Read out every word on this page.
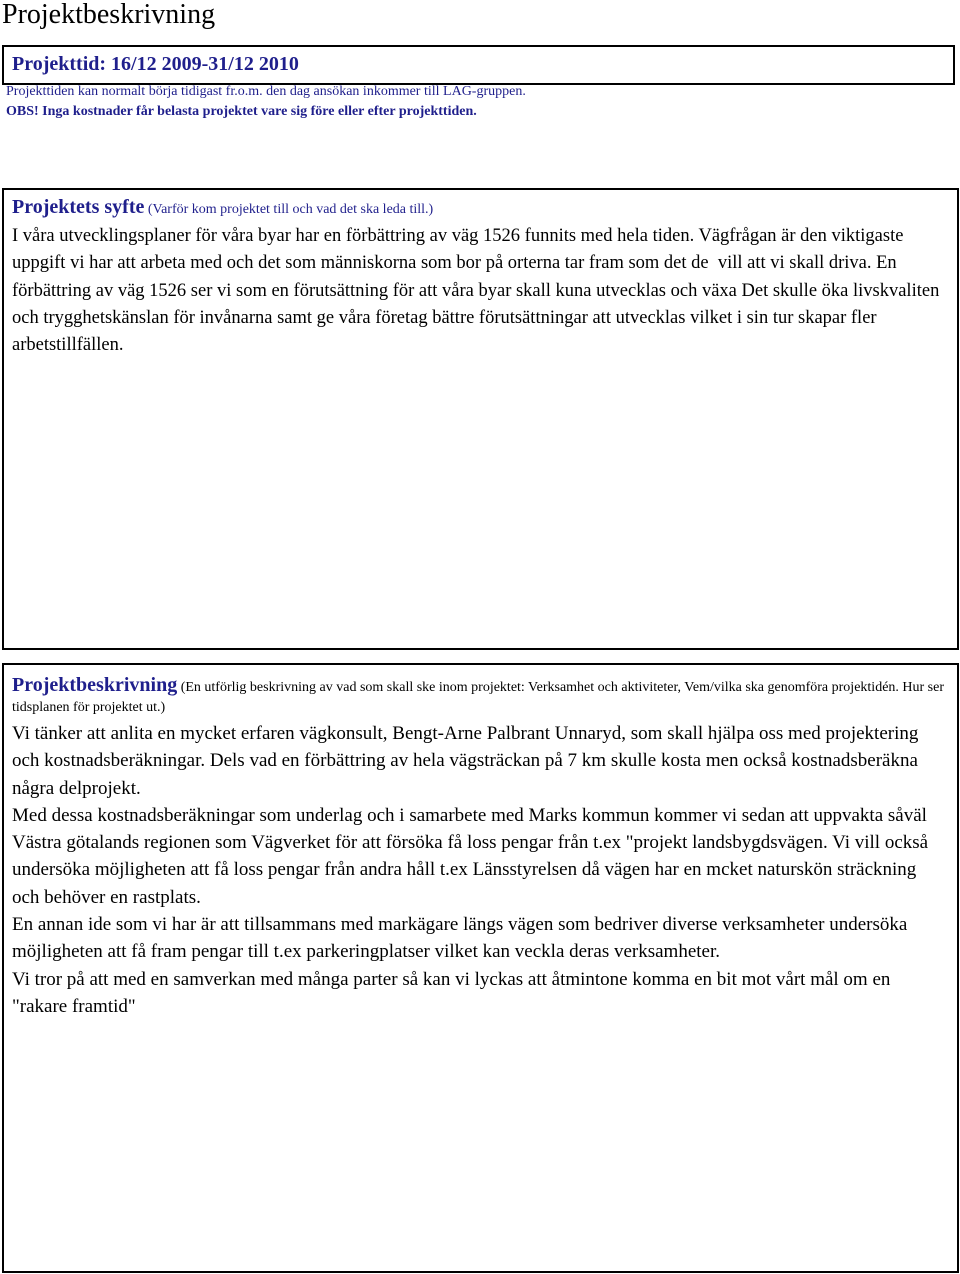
Projektbeskrivning
Projekttid: 16/12 2009-31/12 2010
Projekttiden kan normalt börja tidigast fr.o.m. den dag ansökan inkommer till LAG-gruppen.
OBS! Inga kostnader får belasta projektet vare sig före eller efter projekttiden.
Projektets syfte (Varför kom projektet till och vad det ska leda till.)
I våra utvecklingsplaner för våra byar har en förbättring av väg 1526 funnits med hela tiden. Vägfrågan är den viktigaste uppgift vi har att arbeta med och det som människorna som bor på orterna tar fram som det de  vill att vi skall driva. En förbättring av väg 1526 ser vi som en förutsättning för att våra byar skall kuna utvecklas och växa Det skulle öka livskvaliten och trygghetskänslan för invånarna samt ge våra företag bättre förutsättningar att utvecklas vilket i sin tur skapar fler arbetstillfällen.
Projektbeskrivning (En utförlig beskrivning av vad som skall ske inom projektet: Verksamhet och aktiviteter, Vem/vilka ska genomföra projektidén. Hur ser tidsplanen för projektet ut.)

Vi tänker att anlita en mycket erfaren vägkonsult, Bengt-Arne Palbrant Unnaryd, som skall hjälpa oss med projektering och kostnadsberäkningar. Dels vad en förbättring av hela vägsträckan på 7 km skulle kosta men också kostnadsberäkna några delprojekt.

Med dessa kostnadsberäkningar som underlag och i samarbete med Marks kommun kommer vi sedan att uppvakta såväl Västra götalands regionen som Vägverket för att försöka få loss pengar från t.ex "projekt landsbygdsvägen. Vi vill också undersöka möjligheten att få loss pengar från andra håll t.ex Länsstyrelsen då vägen har en mcket naturskön sträckning och behöver en rastplats.

En annan ide som vi har är att tillsammans med markägare längs vägen som bedriver diverse verksamheter undersöka möjligheten att få fram pengar till t.ex parkeringplatser vilket kan vecklа deras verksamheter.

Vi tror på att med en samverkan med många parter så kan vi lyckas att åtmintone komma en bit mot vårt mål om en "rakare framtid"
